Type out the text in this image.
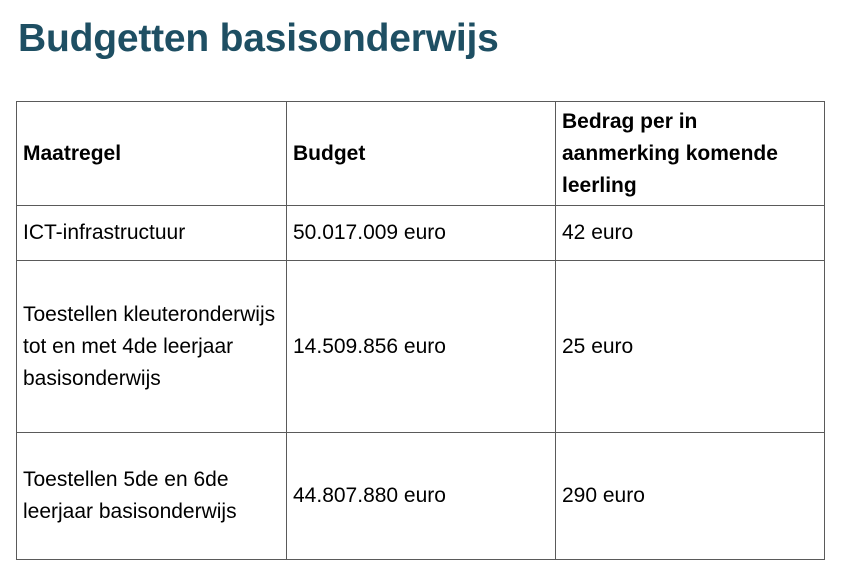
Budgetten basisonderwijs
Maatregel	Budget	Bedrag per in aanmerking komende leerling
ICT-infrastructuur	50.017.009 euro	42 euro
Toestellen kleuteronderwijs tot en met 4de leerjaar basisonderwijs	14.509.856 euro	25 euro
Toestellen 5de en 6de leerjaar basisonderwijs	44.807.880 euro	290 euro
